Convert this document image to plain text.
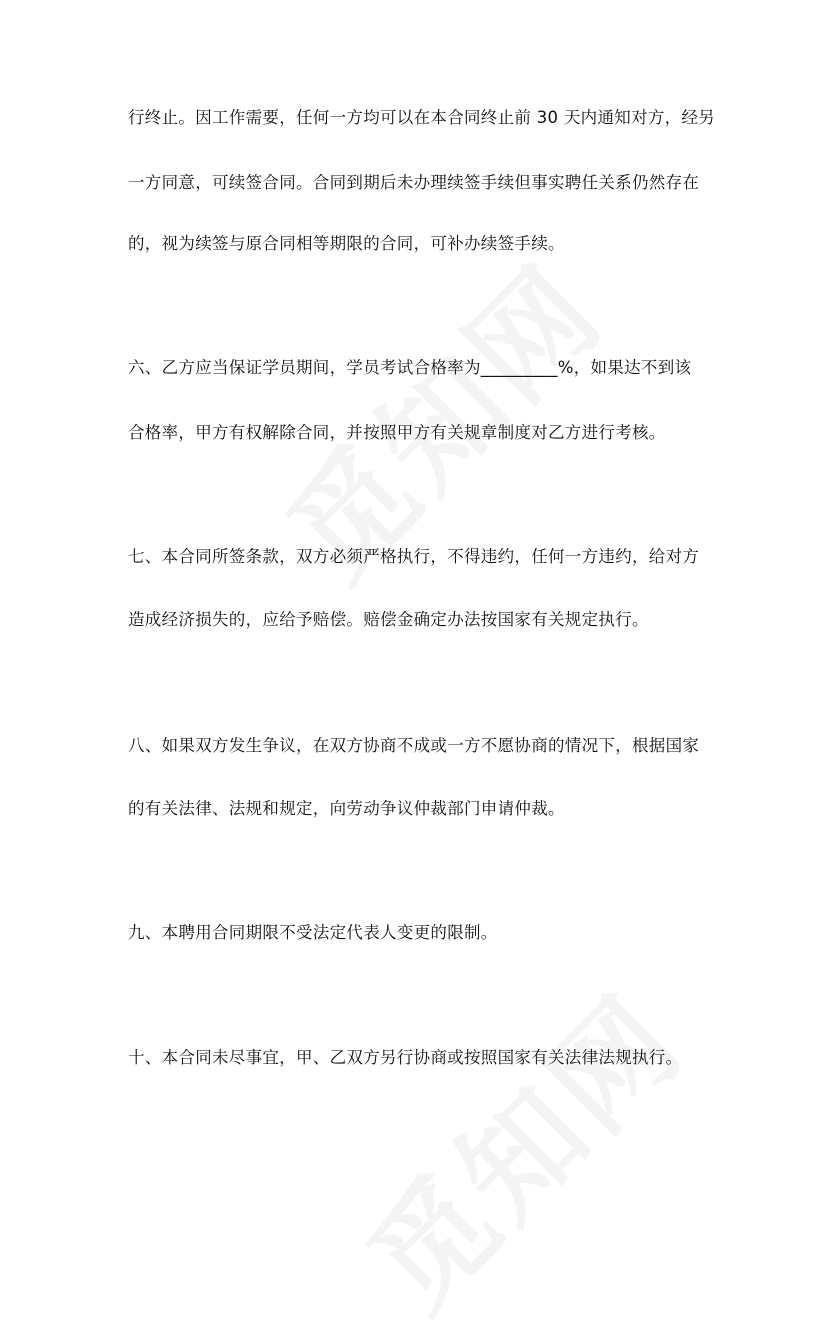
行终止。因工作需要，任何一方均可以在本合同终止前 30 天内通知对方，经另
一方同意，可续签合同。合同到期后未办理续签手续但事实聘任关系仍然存在
的，视为续签与原合同相等期限的合同，可补办续签手续。
六、乙方应当保证学员期间，学员考试合格率为_________%，如果达不到该
合格率，甲方有权解除合同，并按照甲方有关规章制度对乙方进行考核。
七、本合同所签条款，双方必须严格执行，不得违约，任何一方违约，给对方
造成经济损失的，应给予赔偿。赔偿金确定办法按国家有关规定执行。
八、如果双方发生争议，在双方协商不成或一方不愿协商的情况下，根据国家
的有关法律、法规和规定，向劳动争议仲裁部门申请仲裁。
九、本聘用合同期限不受法定代表人变更的限制。
十、本合同未尽事宜，甲、乙双方另行协商或按照国家有关法律法规执行。
